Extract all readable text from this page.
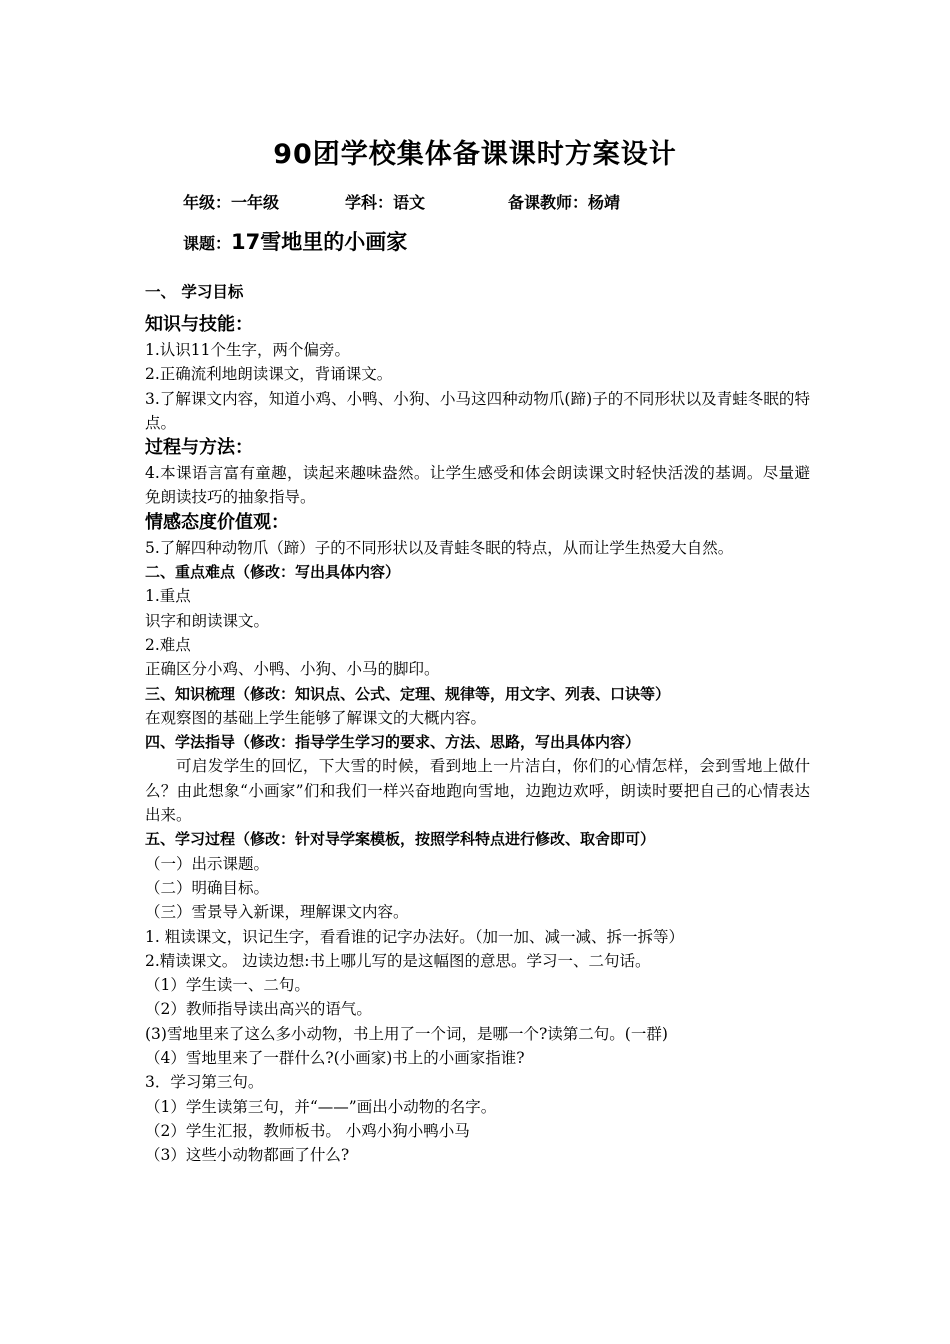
90团学校集体备课课时方案设计
年级：一年级	学科：语文	备课教师：杨靖
课题：17雪地里的小画家
一、 学习目标
知识与技能：
1.认识11个生字，两个偏旁。
2.正确流利地朗读课文，背诵课文。
3.了解课文内容，知道小鸡、小鸭、小狗、小马这四种动物爪(蹄)子的不同形状以及青蛙冬眠的特点。
过程与方法：
4.本课语言富有童趣，读起来趣味盎然。让学生感受和体会朗读课文时轻快活泼的基调。尽量避免朗读技巧的抽象指导。
情感态度价值观：
5.了解四种动物爪（蹄）子的不同形状以及青蛙冬眠的特点，从而让学生热爱大自然。
二、重点难点（修改：写出具体内容）
1.重点
识字和朗读课文。
2.难点
正确区分小鸡、小鸭、小狗、小马的脚印。
三、知识梳理（修改：知识点、公式、定理、规律等，用文字、列表、口诀等）
在观察图的基础上学生能够了解课文的大概内容。
四、学法指导（修改：指导学生学习的要求、方法、思路，写出具体内容）
可启发学生的回忆，下大雪的时候，看到地上一片洁白，你们的心情怎样，会到雪地上做什么？由此想象“小画家”们和我们一样兴奋地跑向雪地，边跑边欢呼，朗读时要把自己的心情表达出来。
五、学习过程（修改：针对导学案模板，按照学科特点进行修改、取舍即可）
（一）出示课题。
（二）明确目标。
（三）雪景导入新课，理解课文内容。
1. 粗读课文，识记生字，看看谁的记字办法好。（加一加、减一减、拆一拆等）
2.精读课文。 边读边想:书上哪儿写的是这幅图的意思。学习一、二句话。
（1）学生读一、二句。
（2）教师指导读出高兴的语气。
(3)雪地里来了这么多小动物，书上用了一个词，是哪一个?读第二句。(一群)
（4）雪地里来了一群什么?(小画家)书上的小画家指谁?
3．学习第三句。
（1）学生读第三句，并“——”画出小动物的名字。
（2）学生汇报，教师板书。 小鸡小狗小鸭小马
（3）这些小动物都画了什么?
